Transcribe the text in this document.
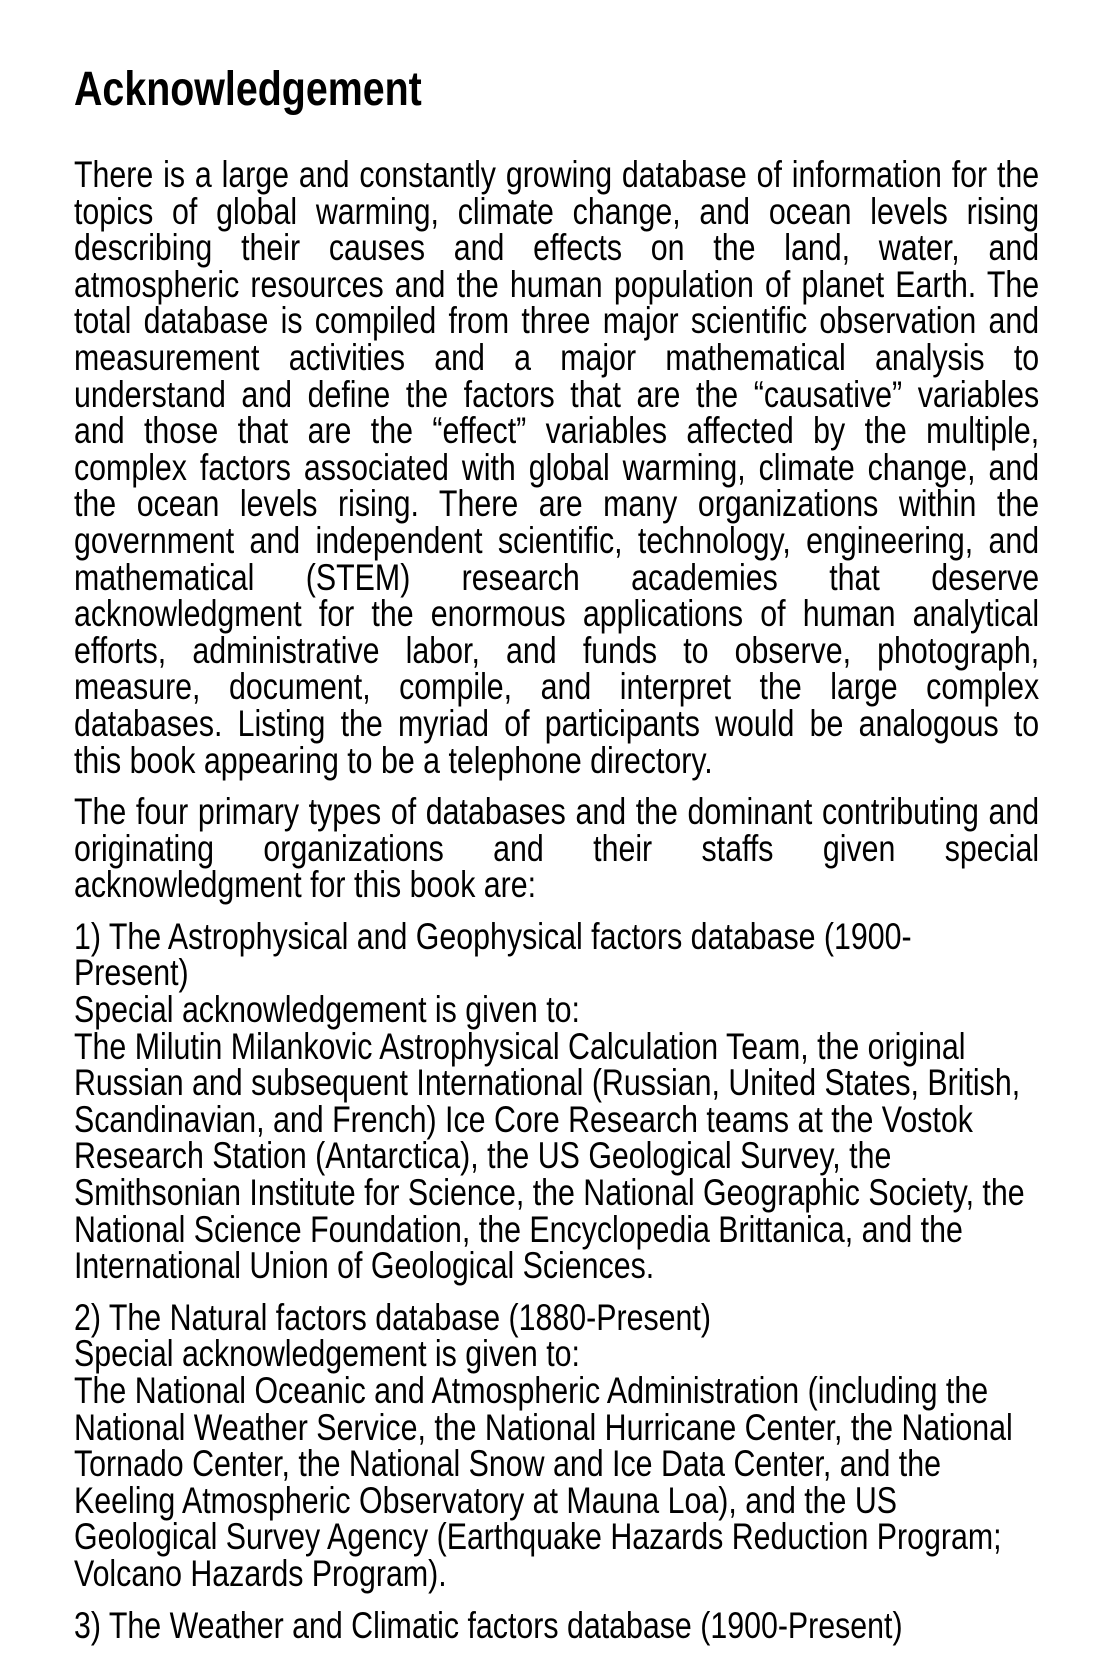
Acknowledgement
There is a large and constantly growing database of information for the
topics of global warming, climate change, and ocean levels rising
describing their causes and effects on the land, water, and
atmospheric resources and the human population of planet Earth. The
total database is compiled from three major scientific observation and
measurement activities and a major mathematical analysis to
understand and define the factors that are the “causative” variables
and those that are the “effect” variables affected by the multiple,
complex factors associated with global warming, climate change, and
the ocean levels rising. There are many organizations within the
government and independent scientific, technology, engineering, and
mathematical (STEM) research academies that deserve
acknowledgment for the enormous applications of human analytical
efforts, administrative labor, and funds to observe, photograph,
measure, document, compile, and interpret the large complex
databases. Listing the myriad of participants would be analogous to
this book appearing to be a telephone directory.
The four primary types of databases and the dominant contributing and
originating organizations and their staffs given special
acknowledgment for this book are:
1) The Astrophysical and Geophysical factors database (1900-
Present)
Special acknowledgement is given to:
The Milutin Milankovic Astrophysical Calculation Team, the original
Russian and subsequent International (Russian, United States, British,
Scandinavian, and French) Ice Core Research teams at the Vostok
Research Station (Antarctica), the US Geological Survey, the
Smithsonian Institute for Science, the National Geographic Society, the
National Science Foundation, the Encyclopedia Brittanica, and the
International Union of Geological Sciences.
2) The Natural factors database (1880-Present)
Special acknowledgement is given to:
The National Oceanic and Atmospheric Administration (including the
National Weather Service, the National Hurricane Center, the National
Tornado Center, the National Snow and Ice Data Center, and the
Keeling Atmospheric Observatory at Mauna Loa), and the US
Geological Survey Agency (Earthquake Hazards Reduction Program;
Volcano Hazards Program).
3) The Weather and Climatic factors database (1900-Present)
